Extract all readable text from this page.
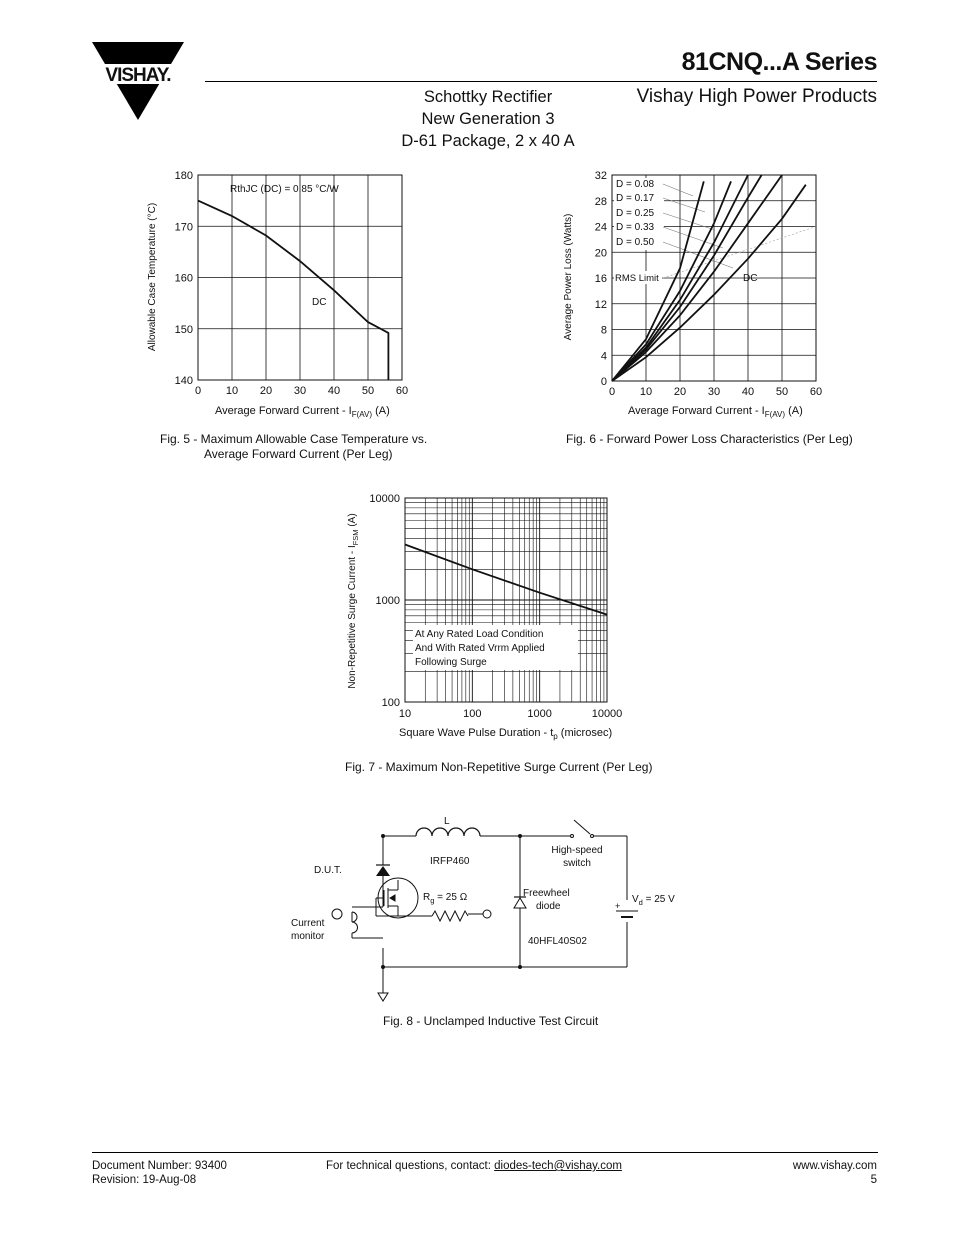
VISHAY.	81CNQ...A Series
Schottky Rectifier
New Generation 3
D-61 Package, 2 x 40 A
Vishay High Power Products
0 10 20 30 40 50 60
140
150
160
170
180
Allowable Case Temperature (°C)
Average Forward Current - $I_{F(AV)}$ (A)
RthJC (DC) = 0.85 °C/W
DC
Fig. 5 - Maximum Allowable Case Temperature vs.
Average Forward Current (Per Leg)
0 10 20 30 40 50 60
0
4
8
12
16
20
24
28
32
Average Power Loss (Watts)
Average Forward Current - $I_{F(AV)}$ (A)
D = 0.08
D = 0.17
D = 0.25
D = 0.33
D = 0.50
RMS Limit	DC
Fig. 6 - Forward Power Loss Characteristics (Per Leg)
10	100	1000	10000
100
1000
10000
Non-Repetitive Surge Current - $I_{FSM}$ (A)
Square Wave Pulse Duration - $t_p$ (microsec)
At Any Rated Load Condition
And With Rated Vrrm Applied
Following Surge
Fig. 7 - Maximum Non-Repetitive Surge Current (Per Leg)
L
High-speed
switch
D.U.T.
IRFP460
$R_g = 25$ Ω
Current
monitor
Freewheel
diode
40HFL40S02
+
$V_d = 25$ V
Fig. 8 - Unclamped Inductive Test Circuit
Document Number: 93400
Revision: 19-Aug-08
For technical questions, contact: diodes-tech@vishay.com	www.vishay.com
5
